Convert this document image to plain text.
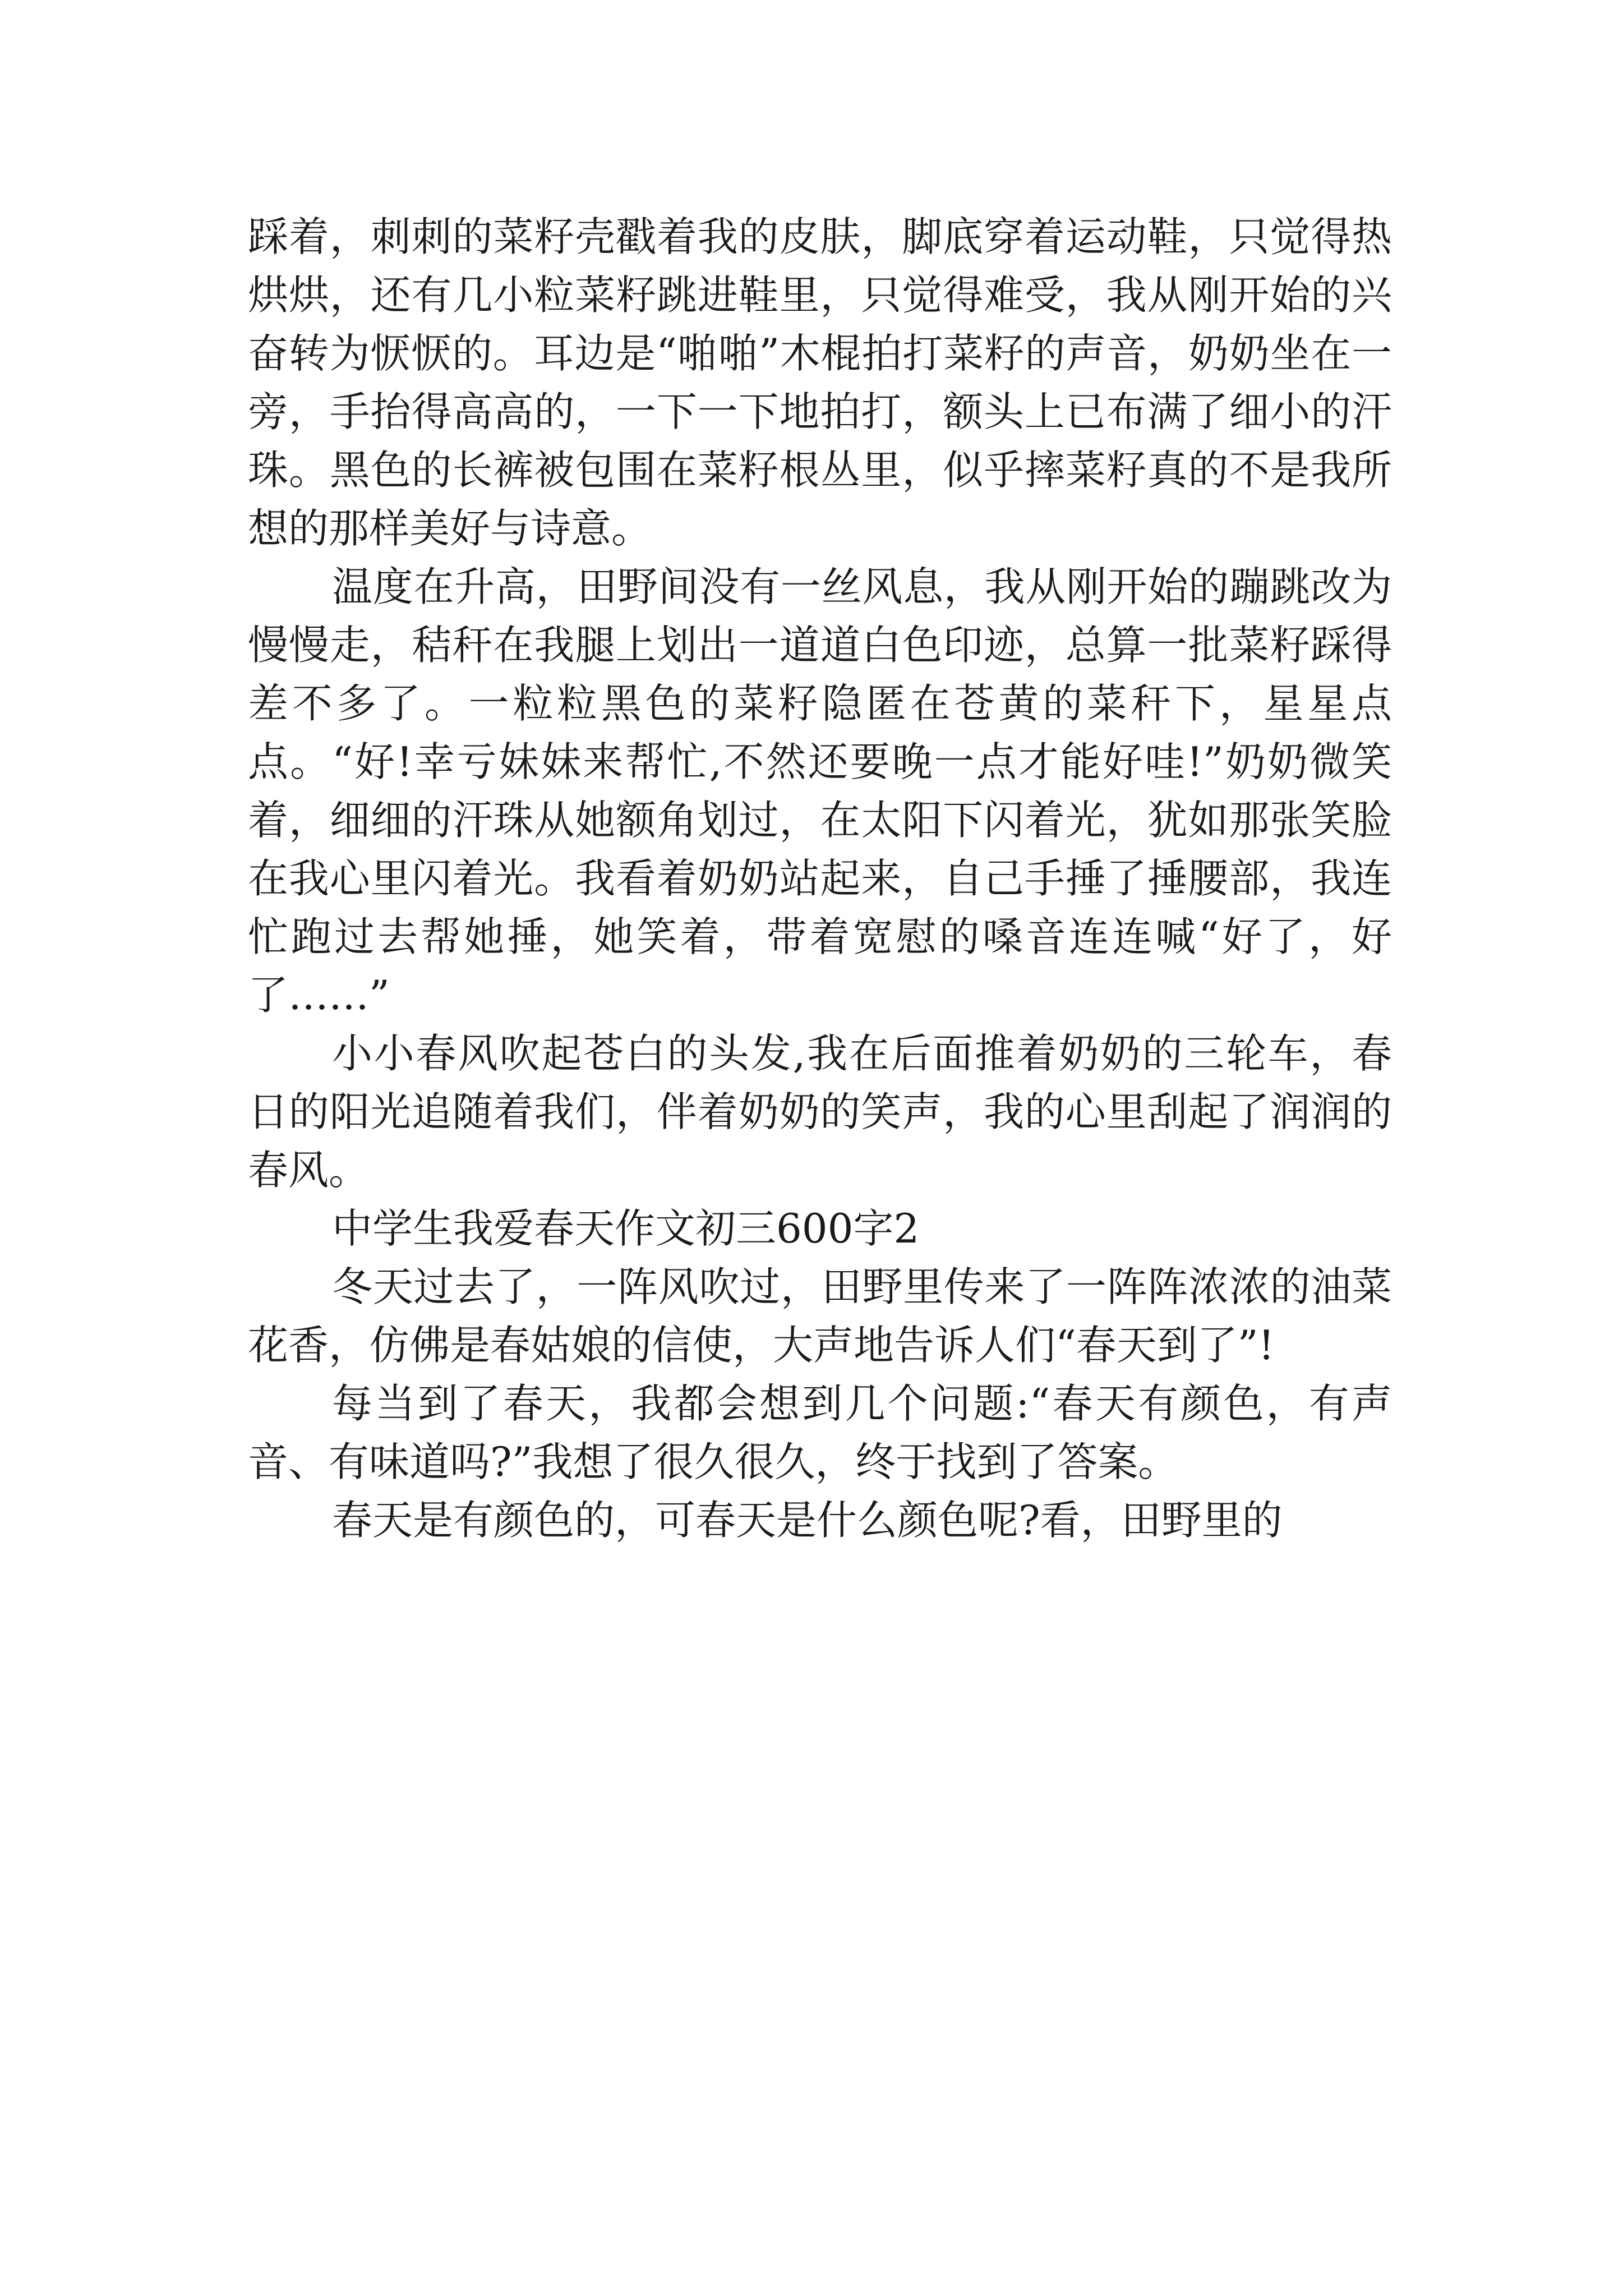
踩着，刺刺的菜籽壳戳着我的皮肤，脚底穿着运动鞋，只觉得热烘烘，还有几小粒菜籽跳进鞋里，只觉得难受，我从刚开始的兴奋转为恹恹的。耳边是“啪啪”木棍拍打菜籽的声音，奶奶坐在一旁，手抬得高高的，一下一下地拍打，额头上已布满了细小的汗珠。黑色的长裤被包围在菜籽根丛里，似乎摔菜籽真的不是我所想的那样美好与诗意。

温度在升高，田野间没有一丝风息，我从刚开始的蹦跳改为慢慢走，秸秆在我腿上划出一道道白色印迹，总算一批菜籽踩得差不多了。一粒粒黑色的菜籽隐匿在苍黄的菜秆下，星星点点。“好!幸亏妹妹来帮忙,不然还要晚一点才能好哇!”奶奶微笑着，细细的汗珠从她额角划过，在太阳下闪着光，犹如那张笑脸在我心里闪着光。我看着奶奶站起来，自己手捶了捶腰部，我连忙跑过去帮她捶，她笑着，带着宽慰的嗓音连连喊“好了，好了……”

小小春风吹起苍白的头发,我在后面推着奶奶的三轮车，春日的阳光追随着我们，伴着奶奶的笑声，我的心里刮起了润润的春风。

中学生我爱春天作文初三600字2

冬天过去了，一阵风吹过，田野里传来了一阵阵浓浓的油菜花香，仿佛是春姑娘的信使，大声地告诉人们“春天到了”!

每当到了春天，我都会想到几个问题:“春天有颜色，有声音、有味道吗?”我想了很久很久，终于找到了答案。

春天是有颜色的，可春天是什么颜色呢?看，田野里的
